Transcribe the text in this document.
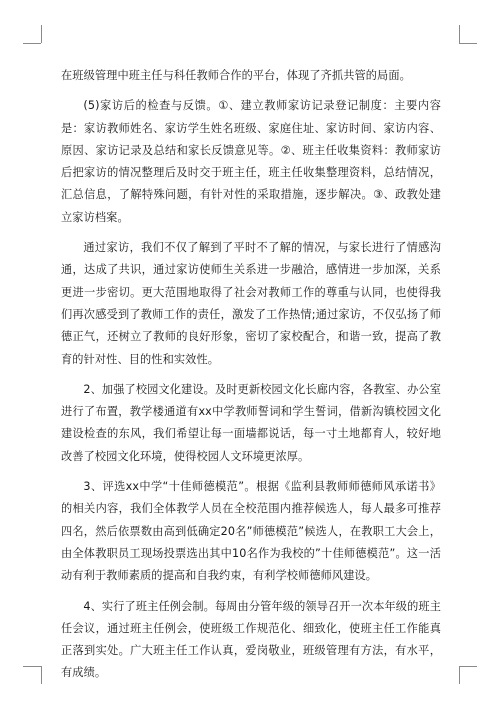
在班级管理中班主任与科任教师合作的平台，体现了齐抓共管的局面。

(5)家访后的检查与反馈。①、建立教师家访记录登记制度：主要内容是：家访教师姓名、家访学生姓名班级、家庭住址、家访时间、家访内容、原因、家访记录及总结和家长反馈意见等。②、班主任收集资料：教师家访后把家访的情况整理后及时交于班主任，班主任收集整理资料，总结情况，汇总信息，了解特殊问题，有针对性的采取措施，逐步解决。③、政教处建立家访档案。

通过家访，我们不仅了解到了平时不了解的情况，与家长进行了情感沟通，达成了共识，通过家访使师生关系进一步融洽，感情进一步加深，关系更进一步密切。更大范围地取得了社会对教师工作的尊重与认同，也使得我们再次感受到了教师工作的责任，激发了工作热情;通过家访，不仅弘扬了师德正气，还树立了教师的良好形象，密切了家校配合，和谐一致，提高了教育的针对性、目的性和实效性。

2、加强了校园文化建设。及时更新校园文化长廊内容，各教室、办公室进行了布置，教学楼通道有xx中学教师誓词和学生誓词，借新沟镇校园文化建设检查的东风，我们希望让每一面墙都说话，每一寸土地都育人，较好地改善了校园文化环境，使得校园人文环境更浓厚。

3、评选xx中学“十佳师德模范”。根据《监利县教师师德师风承诺书》的相关内容，我们全体教学人员在全校范围内推荐候选人，每人最多可推荐四名，然后依票数由高到低确定20名”师德模范”候选人，在教职工大会上，由全体教职员工现场投票选出其中10名作为我校的”十佳师德模范”。这一活动有利于教师素质的提高和自我约束，有利学校师德师风建设。

4、实行了班主任例会制。每周由分管年级的领导召开一次本年级的班主任会议，通过班主任例会，使班级工作规范化、细致化，使班主任工作能真正落到实处。广大班主任工作认真，爱岗敬业，班级管理有方法，有水平，有成绩。
